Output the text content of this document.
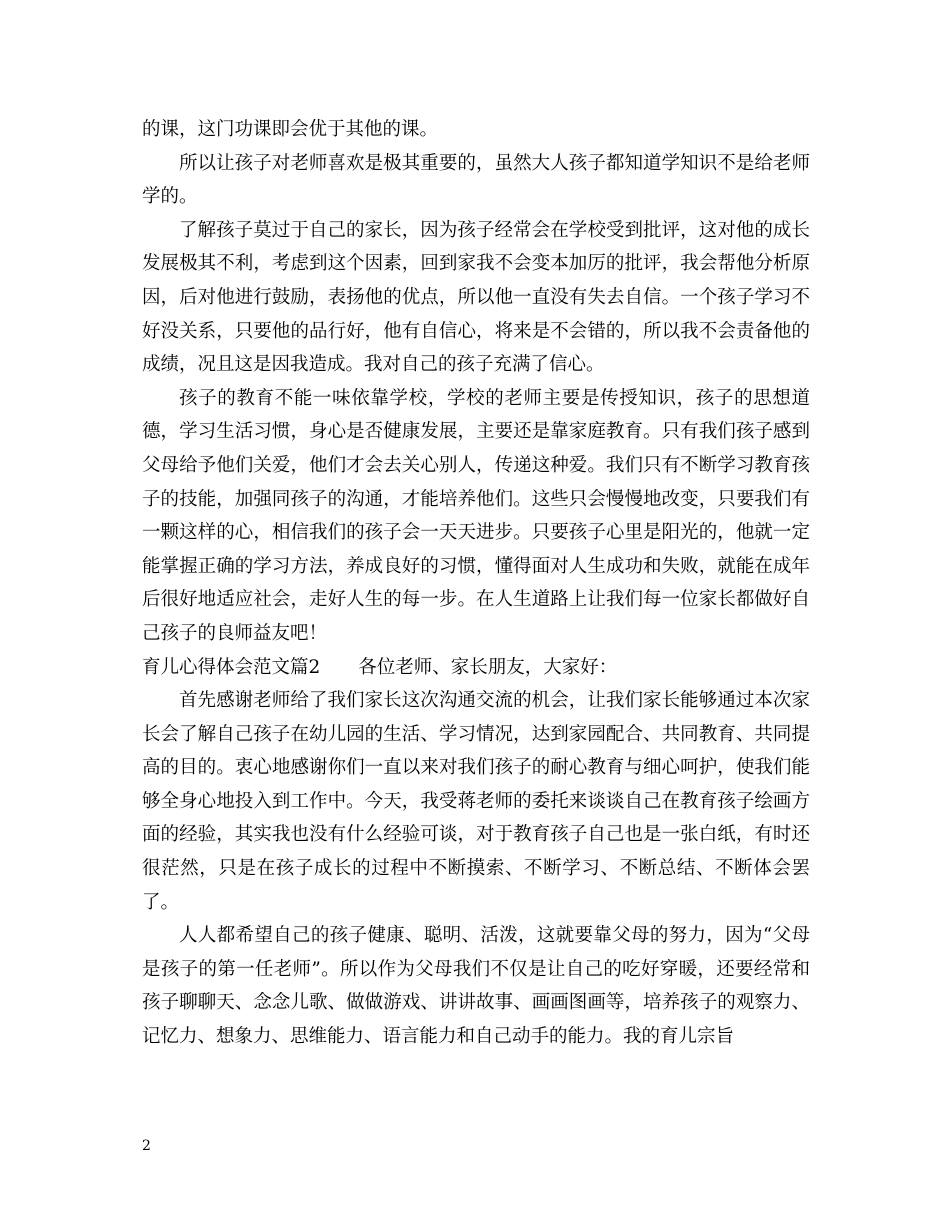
的课，这门功课即会优于其他的课。

所以让孩子对老师喜欢是极其重要的，虽然大人孩子都知道学知识不是给老师学的。

了解孩子莫过于自己的家长，因为孩子经常会在学校受到批评，这对他的成长发展极其不利，考虑到这个因素，回到家我不会变本加厉的批评，我会帮他分析原因，后对他进行鼓励，表扬他的优点，所以他一直没有失去自信。一个孩子学习不好没关系，只要他的品行好，他有自信心，将来是不会错的，所以我不会责备他的成绩，况且这是因我造成。我对自己的孩子充满了信心。

孩子的教育不能一味依靠学校，学校的老师主要是传授知识，孩子的思想道德，学习生活习惯，身心是否健康发展，主要还是靠家庭教育。只有我们孩子感到父母给予他们关爱，他们才会去关心别人，传递这种爱。我们只有不断学习教育孩子的技能，加强同孩子的沟通，才能培养他们。这些只会慢慢地改变，只要我们有一颗这样的心，相信我们的孩子会一天天进步。只要孩子心里是阳光的，他就一定能掌握正确的学习方法，养成良好的习惯，懂得面对人生成功和失败，就能在成年后很好地适应社会，走好人生的每一步。在人生道路上让我们每一位家长都做好自己孩子的良师益友吧！

育儿心得体会范文篇2 各位老师、家长朋友，大家好：

首先感谢老师给了我们家长这次沟通交流的机会，让我们家长能够通过本次家长会了解自己孩子在幼儿园的生活、学习情况，达到家园配合、共同教育、共同提高的目的。衷心地感谢你们一直以来对我们孩子的耐心教育与细心呵护，使我们能够全身心地投入到工作中。今天，我受蒋老师的委托来谈谈自己在教育孩子绘画方面的经验，其实我也没有什么经验可谈，对于教育孩子自己也是一张白纸，有时还很茫然，只是在孩子成长的过程中不断摸索、不断学习、不断总结、不断体会罢了。

人人都希望自己的孩子健康、聪明、活泼，这就要靠父母的努力，因为“父母是孩子的第一任老师”。所以作为父母我们不仅是让自己的吃好穿暖，还要经常和孩子聊聊天、念念儿歌、做做游戏、讲讲故事、画画图画等，培养孩子的观察力、记忆力、想象力、思维能力、语言能力和自己动手的能力。我的育儿宗旨

2
